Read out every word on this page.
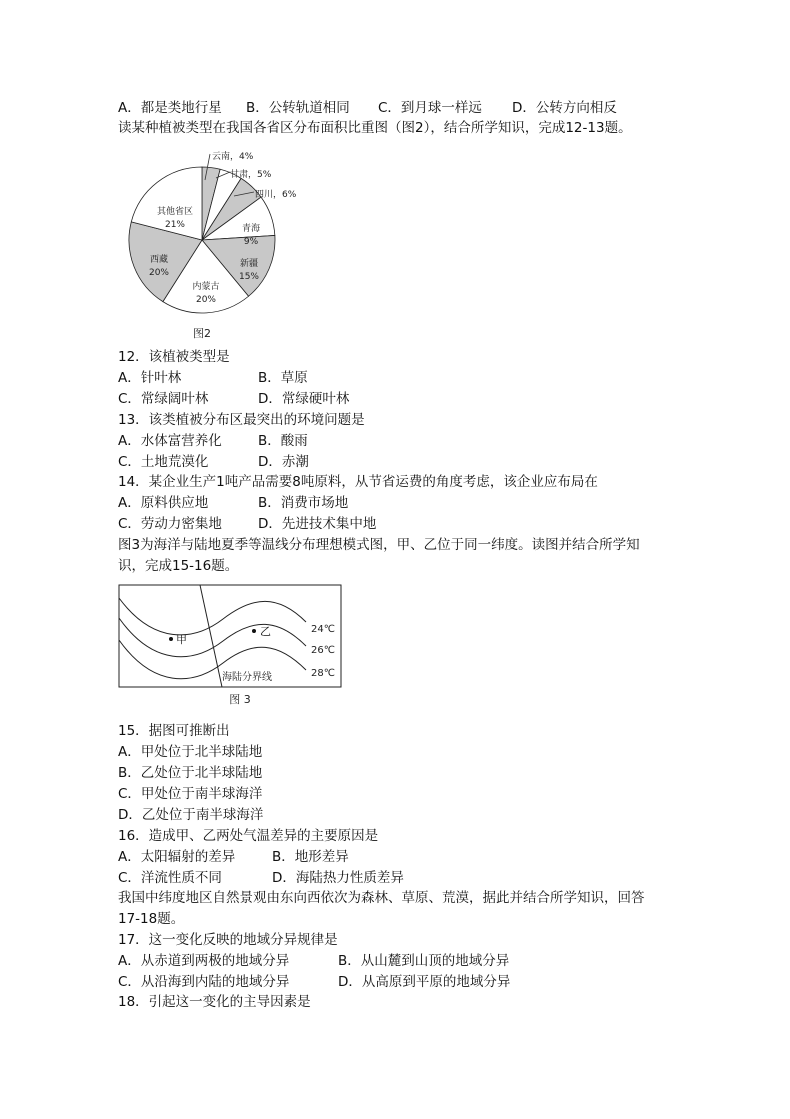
A．都是类地行星 B．公转轨道相同 C．到月球一样远 D．公转方向相反
读某种植被类型在我国各省区分布面积比重图（图2），结合所学知识，完成12-13题。
云南，4%
甘肃，5%
四川，6%
青海
9%
新疆
15%
内蒙古
20%
西藏
20%
其他省区
21%
图2
12．该植被类型是
A．针叶林	B．草原
C．常绿阔叶林	D．常绿硬叶林
13．该类植被分布区最突出的环境问题是
A．水体富营养化	B．酸雨
C．土地荒漠化	D．赤潮
14．某企业生产1吨产品需要8吨原料，从节省运费的角度考虑，该企业应布局在
A．原料供应地	B．消费市场地
C．劳动力密集地	D．先进技术集中地
图3为海洋与陆地夏季等温线分布理想模式图，甲、乙位于同一纬度。读图并结合所学知
识，完成15-16题。
甲
乙	24℃
26℃
28℃
海陆分界线
图 3
15．据图可推断出
A．甲处位于北半球陆地
B．乙处位于北半球陆地
C．甲处位于南半球海洋
D．乙处位于南半球海洋
16．造成甲、乙两处气温差异的主要原因是
A．太阳辐射的差异	B．地形差异
C．洋流性质不同	D．海陆热力性质差异
我国中纬度地区自然景观由东向西依次为森林、草原、荒漠，据此并结合所学知识，回答
17-18题。
17．这一变化反映的地域分异规律是
A．从赤道到两极的地域分异	B．从山麓到山顶的地域分异
C．从沿海到内陆的地域分异	D．从高原到平原的地域分异
18．引起这一变化的主导因素是
